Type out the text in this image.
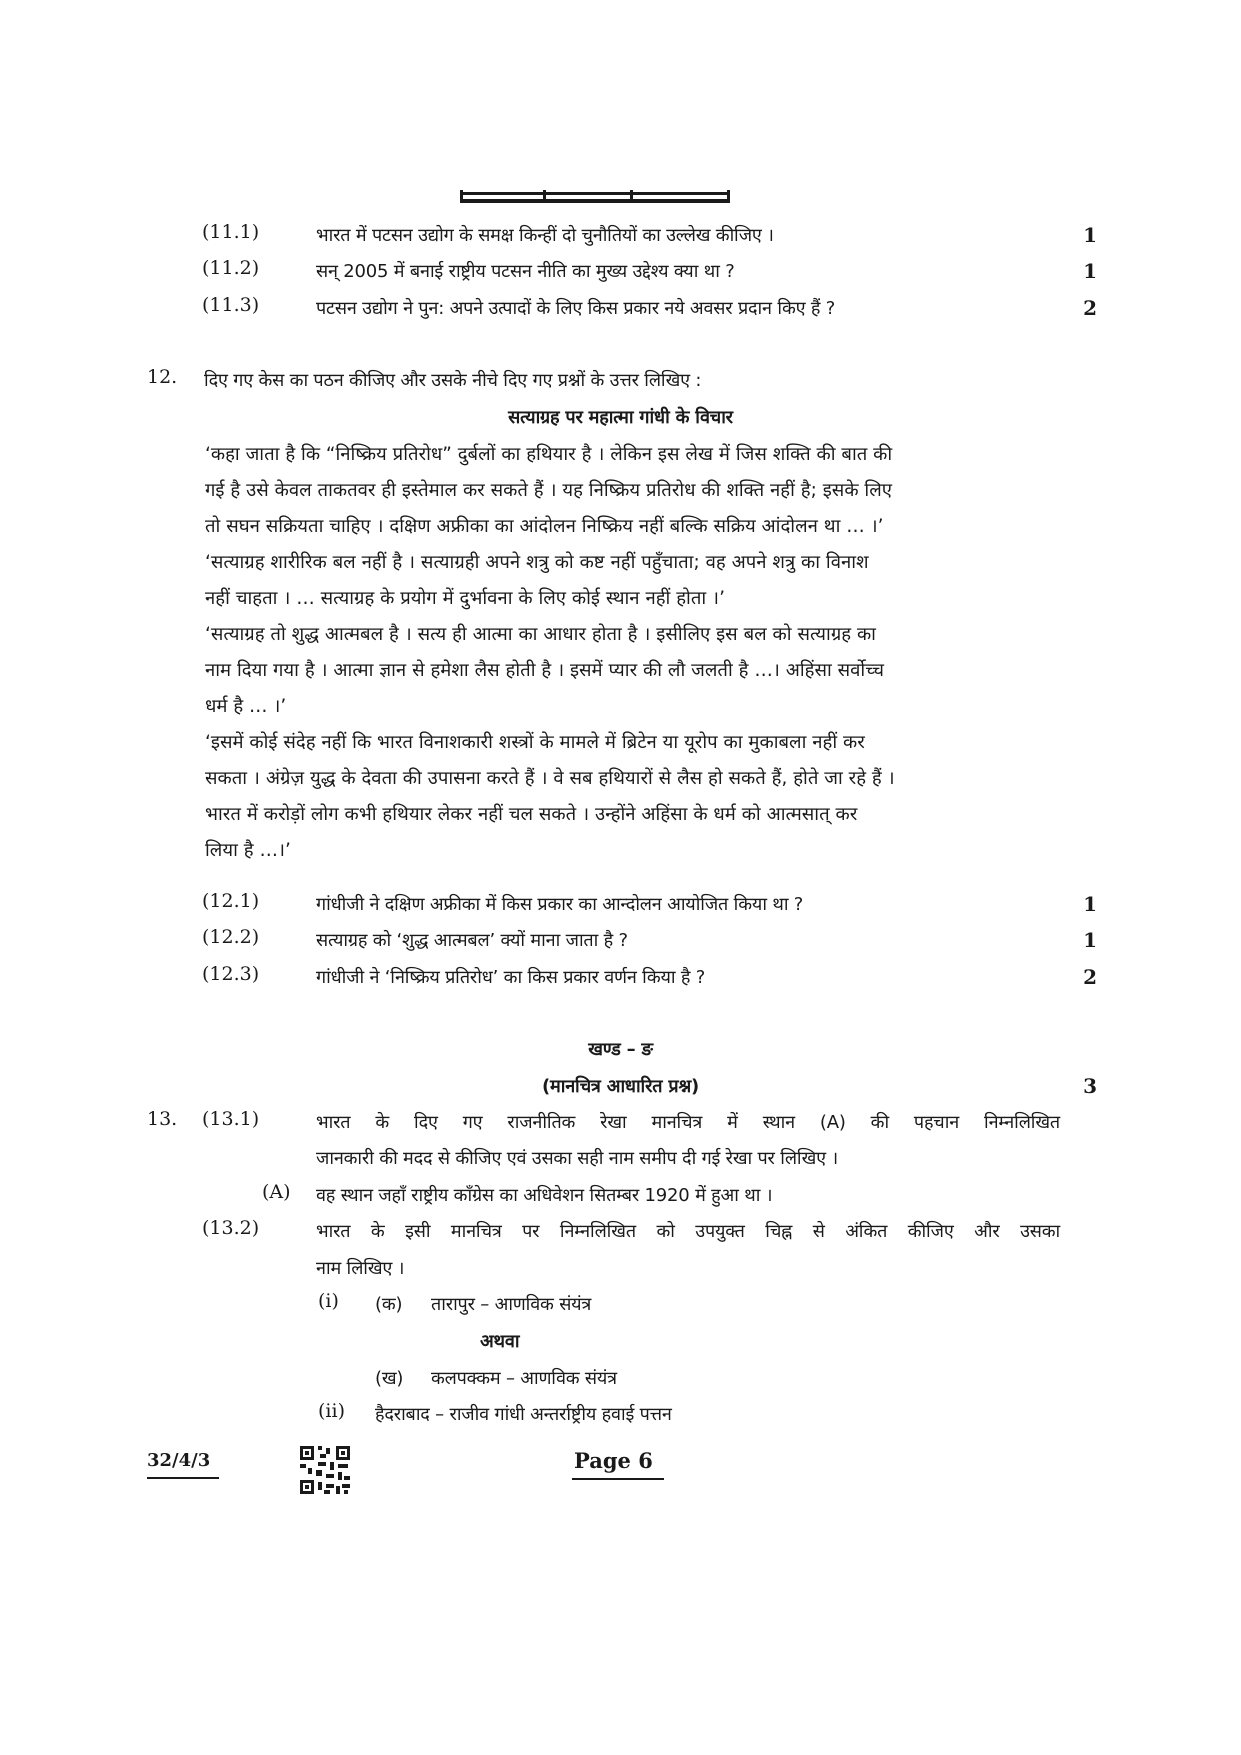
(11.1)	भारत में पटसन उद्योग के समक्ष किन्हीं दो चुनौतियों का उल्लेख कीजिए ।	1
(11.2)	सन् 2005 में बनाई राष्ट्रीय पटसन नीति का मुख्य उद्देश्य क्या था ?	1
(11.3)	पटसन उद्योग ने पुन: अपने उत्पादों के लिए किस प्रकार नये अवसर प्रदान किए हैं ?	2
12. दिए गए केस का पठन कीजिए और उसके नीचे दिए गए प्रश्नों के उत्तर लिखिए :
सत्याग्रह पर महात्मा गांधी के विचार
‘कहा जाता है कि “निष्क्रिय प्रतिरोध” दुर्बलों का हथियार है । लेकिन इस लेख में जिस शक्ति की बात की
गई है उसे केवल ताकतवर ही इस्तेमाल कर सकते हैं । यह निष्क्रिय प्रतिरोध की शक्ति नहीं है; इसके लिए
तो सघन सक्रियता चाहिए । दक्षिण अफ्रीका का आंदोलन निष्क्रिय नहीं बल्कि सक्रिय आंदोलन था … ।’
‘सत्याग्रह शारीरिक बल नहीं है । सत्याग्रही अपने शत्रु को कष्ट नहीं पहुँचाता; वह अपने शत्रु का विनाश
नहीं चाहता । … सत्याग्रह के प्रयोग में दुर्भावना के लिए कोई स्थान नहीं होता ।’
‘सत्याग्रह तो शुद्ध आत्मबल है । सत्य ही आत्मा का आधार होता है । इसीलिए इस बल को सत्याग्रह का
नाम दिया गया है । आत्मा ज्ञान से हमेशा लैस होती है । इसमें प्यार की लौ जलती है …। अहिंसा सर्वोच्च
धर्म है … ।’
‘इसमें कोई संदेह नहीं कि भारत विनाशकारी शस्त्रों के मामले में ब्रिटेन या यूरोप का मुकाबला नहीं कर
सकता । अंग्रेज़ युद्ध के देवता की उपासना करते हैं । वे सब हथियारों से लैस हो सकते हैं, होते जा रहे हैं ।
भारत में करोड़ों लोग कभी हथियार लेकर नहीं चल सकते । उन्होंने अहिंसा के धर्म को आत्मसात् कर
लिया है …।’
(12.1)	गांधीजी ने दक्षिण अफ्रीका में किस प्रकार का आन्दोलन आयोजित किया था ?	1
(12.2)	सत्याग्रह को ‘शुद्ध आत्मबल’ क्यों माना जाता है ?	1
(12.3)	गांधीजी ने ‘निष्क्रिय प्रतिरोध’ का किस प्रकार वर्णन किया है ?	2
खण्ड – ङ
(मानचित्र आधारित प्रश्न)	3
13. (13.1)	भारत के दिए गए राजनीतिक रेखा मानचित्र में स्थान (A) की पहचान निम्नलिखित
जानकारी की मदद से कीजिए एवं उसका सही नाम समीप दी गई रेखा पर लिखिए ।
(A) वह स्थान जहाँ राष्ट्रीय काँग्रेस का अधिवेशन सितम्बर 1920 में हुआ था ।
(13.2)	भारत के इसी मानचित्र पर निम्नलिखित को उपयुक्त चिह्न से अंकित कीजिए और उसका
नाम लिखिए ।
(i) (क) तारापुर – आणविक संयंत्र
अथवा
(ख) कलपक्कम – आणविक संयंत्र
(ii) हैदराबाद – राजीव गांधी अन्तर्राष्ट्रीय हवाई पत्तन
32/4/3	Page 6
